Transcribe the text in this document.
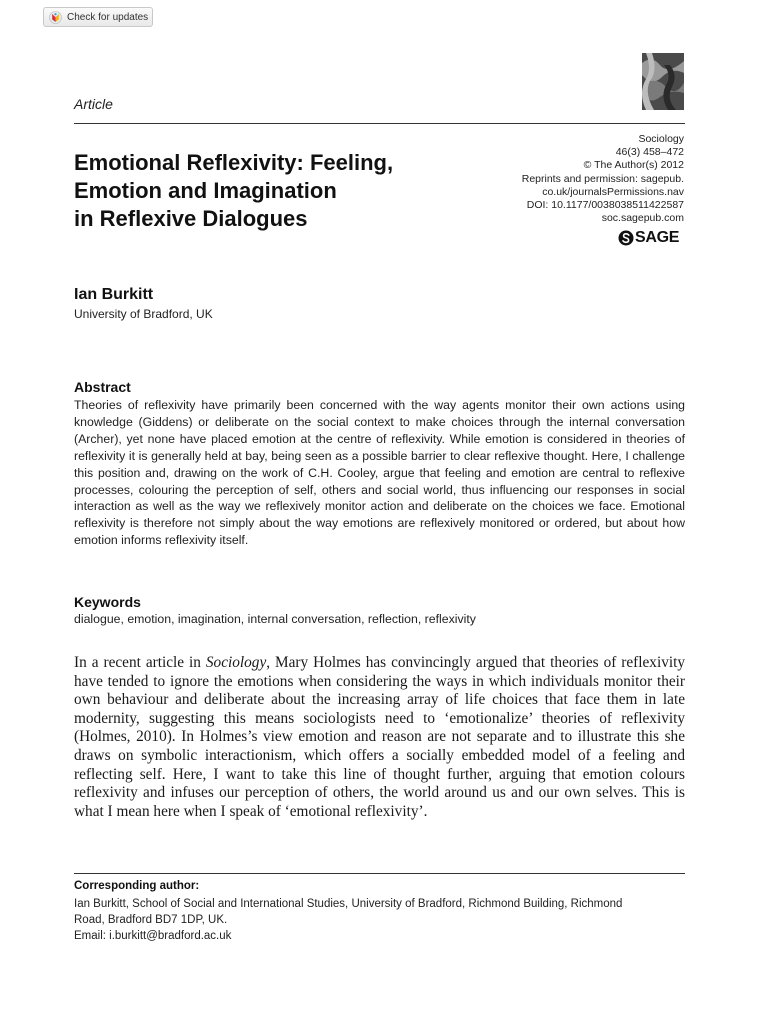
Check for updates
Article
Emotional Reflexivity: Feeling,
Emotion and Imagination
in Reflexive Dialogues
Sociology
46(3) 458–472
© The Author(s) 2012
Reprints and permission: sagepub.
co.uk/journalsPermissions.nav
DOI: 10.1177/0038038511422587
soc.sagepub.com
SAGE
Ian Burkitt
University of Bradford, UK
Abstract

Theories of reflexivity have primarily been concerned with the way agents monitor their own actions using knowledge (Giddens) or deliberate on the social context to make choices through the internal conversation (Archer), yet none have placed emotion at the centre of reflexivity. While emotion is considered in theories of reflexivity it is generally held at bay, being seen as a possible barrier to clear reflexive thought. Here, I challenge this position and, drawing on the work of C.H. Cooley, argue that feeling and emotion are central to reflexive processes, colouring the perception of self, others and social world, thus influencing our responses in social interaction as well as the way we reflexively monitor action and deliberate on the choices we face. Emotional reflexivity is therefore not simply about the way emotions are reflexively monitored or ordered, but about how emotion informs reflexivity itself.

Keywords
dialogue, emotion, imagination, internal conversation, reflection, reflexivity

In a recent article in Sociology, Mary Holmes has convincingly argued that theories of reflexivity have tended to ignore the emotions when considering the ways in which individuals monitor their own behaviour and deliberate about the increasing array of life choices that face them in late modernity, suggesting this means sociologists need to ‘emotionalize’ theories of reflexivity (Holmes, 2010). In Holmes’s view emotion and reason are not separate and to illustrate this she draws on symbolic interactionism, which offers a socially embedded model of a feeling and reflecting self. Here, I want to take this line of thought further, arguing that emotion colours reflexivity and infuses our perception of others, the world around us and our own selves. This is what I mean here when I speak of ‘emotional reflexivity’.

Corresponding author:
Ian Burkitt, School of Social and International Studies, University of Bradford, Richmond Building, Richmond
Road, Bradford BD7 1DP, UK.
Email: i.burkitt@bradford.ac.uk
